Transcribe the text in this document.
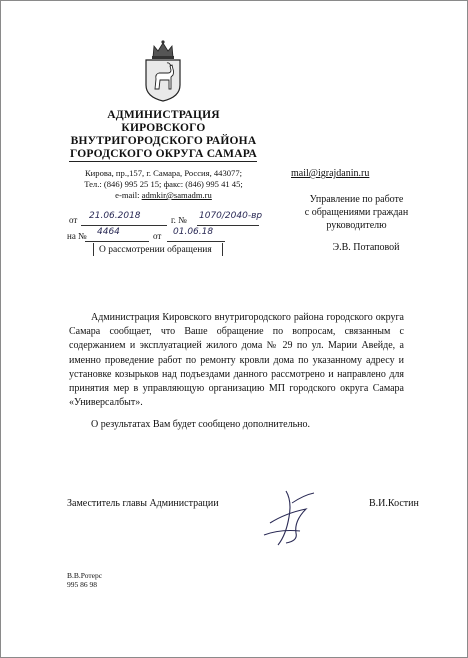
АДМИНИСТРАЦИЯ
КИРОВСКОГО
ВНУТРИГОРОДСКОГО РАЙОНА
ГОРОДСКОГО ОКРУГА САМАРА
Кирова, пр.,157, г. Самара, Россия, 443077;
Тел.: (846) 995 25 15; факс: (846) 995 41 45;
e-mail: admkir@samadm.ru
от 21.06.2018	г. № 1070/2040-вр
на № 4464	от 01.06.18
О рассмотрении обращения
mail@igrajdanin.ru
Управление по работе
с обращениями граждан
руководителю
Э.В. Потаповой

Администрация Кировского внутригородского района городского округа Самара сообщает, что Ваше обращение по вопросам, связанным с содержанием и эксплуатацией жилого дома № 29 по ул. Марии Авейде, а именно проведение работ по ремонту кровли дома по указанному адресу и установке козырьков над подъездами данного рассмотрено и направлено для принятия мер в управляющую организацию МП городского округа Самара «Универсалбыт».

О результатах Вам будет сообщено дополнительно.

Заместитель главы Администрации	В.И.Костин
В.В.Ротерс
995 86 98
